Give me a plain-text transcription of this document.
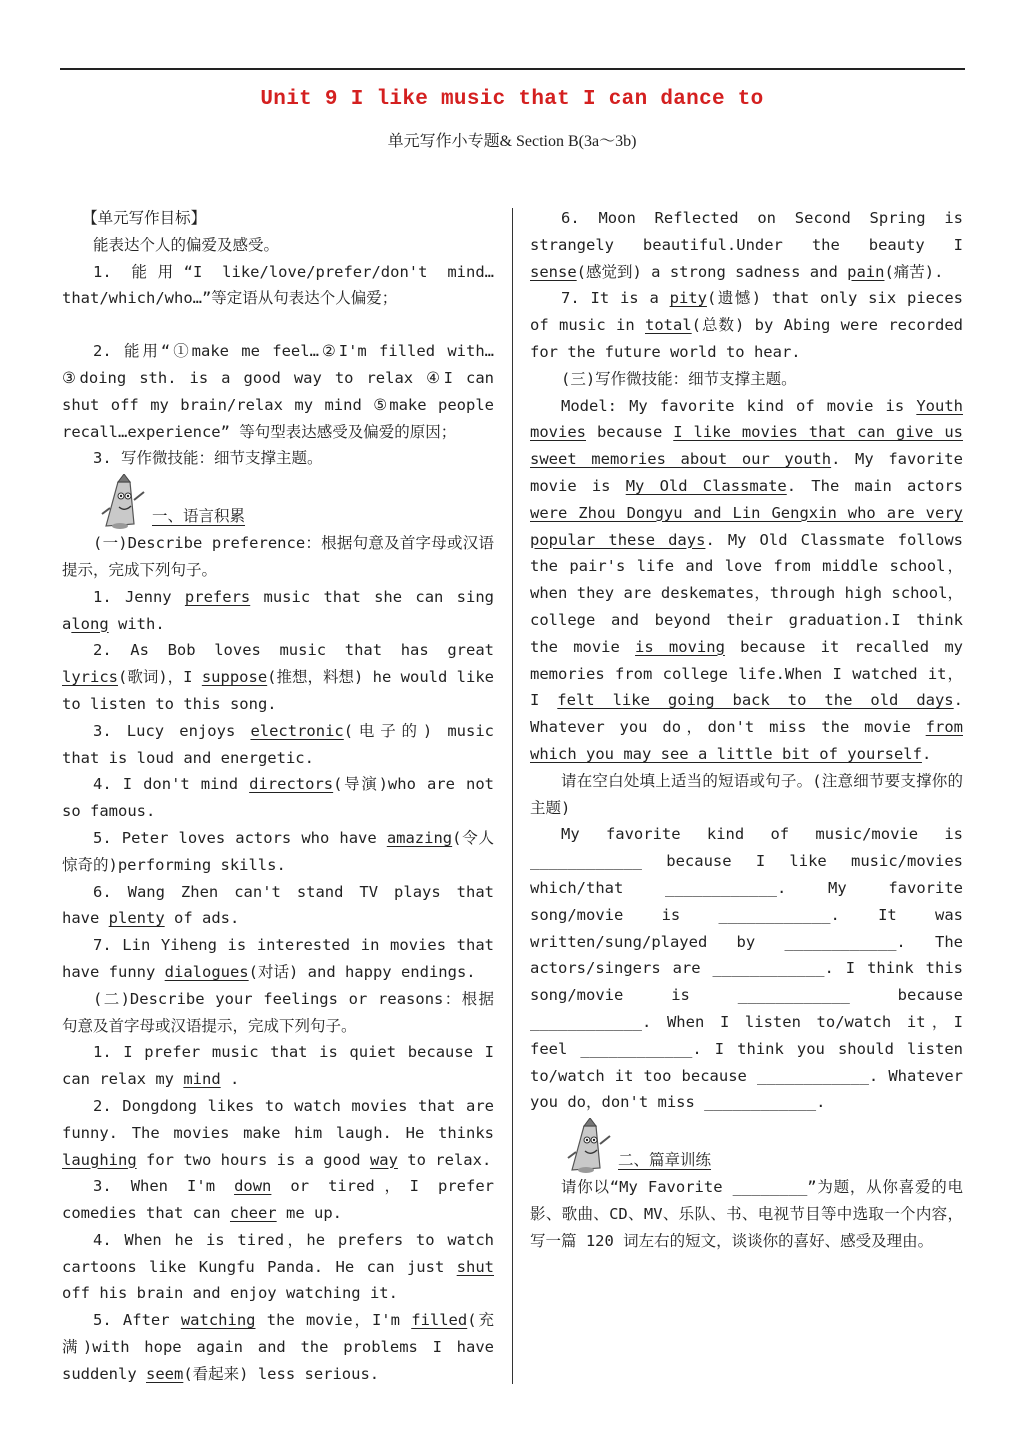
Unit 9 I like music that I can dance to
单元写作小专题& Section B(3a～3b)

【单元写作目标】

能表达个人的偏爱及感受。

1. 能用“I like/love/prefer/don't mind…that/which/who…”等定语从句表达个人偏爱；

2. 能用“①make me feel…②I'm filled with…③doing sth. is a good way to relax ④I can shut off my brain/relax my mind ⑤make people recall…experience” 等句型表达感受及偏爱的原因；

3. 写作微技能：细节支撑主题。

一、语言积累

(一)Describe preference：根据句意及首字母或汉语提示，完成下列句子。

1. Jenny prefers music that she can sing along with.

2. As Bob loves music that has great lyrics(歌词)，I suppose(推想，料想) he would like to listen to this song.

3. Lucy enjoys electronic(电子的) music that is loud and energetic.

4. I don't mind directors(导演)who are not so famous.

5. Peter loves actors who have amazing(令人惊奇的)performing skills.

6. Wang Zhen can't stand TV plays that have plenty of ads.

7. Lin Yiheng is interested in movies that have funny dialogues(对话) and happy endings.

(二)Describe your feelings or reasons：根据句意及首字母或汉语提示，完成下列句子。

1. I prefer music that is quiet because I can relax my mind .

2. Dongdong likes to watch movies that are funny. The movies make him laugh. He thinks laughing for two hours is a good way to relax.

3. When I'm down or tired，I prefer comedies that can cheer me up.

4. When he is tired，he prefers to watch cartoons like Kungfu Panda. He can just shut off his brain and enjoy watching it.

5. After watching the movie，I'm filled(充满)with hope again and the problems I have suddenly seem(看起来) less serious.

6. Moon Reflected on Second Spring is strangely beautiful.Under the beauty I sense(感觉到) a strong sadness and pain(痛苦).

7. It is a pity(遗憾) that only six pieces of music in total(总数) by Abing were recorded for the future world to hear.

(三)写作微技能：细节支撑主题。

Model: My favorite kind of movie is Youth movies because I like movies that can give us sweet memories about our youth. My favorite movie is My Old Classmate. The main actors were Zhou Dongyu and Lin Gengxin who are very popular these days. My Old Classmate follows the pair's life and love from middle school，when they are deskemates，through high school，college and beyond their graduation.I think the movie is moving because it recalled my memories from college life.When I watched it，I felt like going back to the old days. Whatever you do，don't miss the movie from which you may see a little bit of yourself.

请在空白处填上适当的短语或句子。(注意细节要支撑你的主题)

My favorite kind of music/movie is ____________ because I like music/movies which/that ____________. My favorite song/movie is ____________. It was written/sung/played by ____________. The actors/singers are ____________. I think this song/movie is ____________ because ____________. When I listen to/watch it，I feel ____________. I think you should listen to/watch it too because ____________. Whatever you do，don't miss ____________.

二、篇章训练

请你以“My Favorite ________”为题，从你喜爱的电影、歌曲、CD、MV、乐队、书、电视节目等中选取一个内容，写一篇 120 词左右的短文，谈谈你的喜好、感受及理由。
